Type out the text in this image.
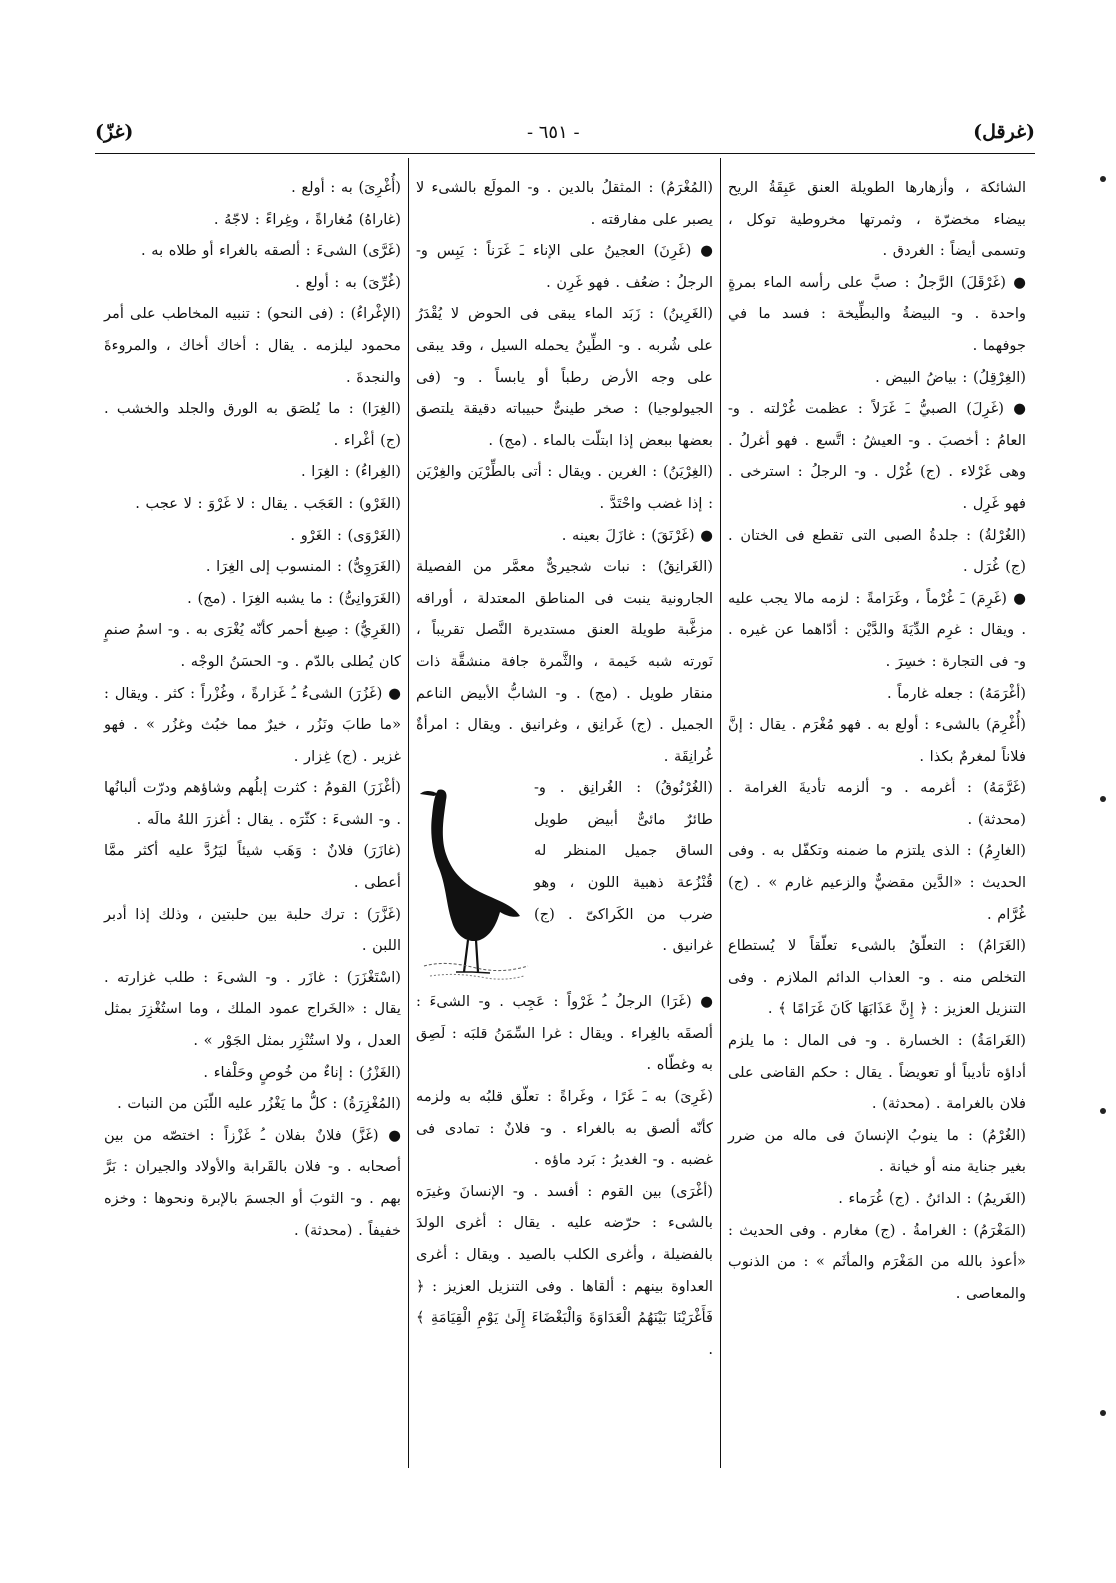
(غرقل)
- ٦٥١ -
(غزّ)

الشائكة ، وأزهارها الطويلة العنق عَبِقَةُ الريح بيضاء مخضرّة ، وثمرتها مخروطية توكل ، وتسمى أيضاً : الغردق .

● (غَرْقَلَ) الرَّجلُ : صبَّ على رأسه الماء بمرةٍ واحدة . و- البيضةُ والبطِّيخة : فسد ما في جوفهما .

(الغِرْقِلُ) : بياضُ البيض .

● (غَرِلَ) الصبيُّ ـَ غَرَلاً : عظمت غُرْلته . و- العامُ : أخصبَ . و- العيشُ : اتَّسع . فهو أغرلُ . وهى غَرْلاء . (ج) غُرْل . و- الرجلُ : استرخى . فهو غَرِل .

(الغُرْلةُ) : جلدةُ الصبى التى تقطع فى الختان . (ج) غُرَل .

● (غَرِمَ) ـَ غُرْماً ، وغَرَامةً : لزمه مالا يجب عليه . ويقال : غرِم الدِّيَةَ والدَّيْن : أدّاهما عن غيره . و- فى التجارة : خسِرَ .

(أغْرَمَهُ) : جعله غارماً .

(أُغْرِمَ) بالشىء : أولع به . فهو مُغْرَم . يقال : إنَّ فلاناً لمغرمٌ بكذا .

(غَرَّمَهُ) : أغرمه . و- ألزمه تأديةَ الغرامة . (محدثة) .

(الغارِمُ) : الذى يلتزم ما ضمنه وتكفّل به . وفى الحديث : «الدَّين مقضيٌّ والزعيم غارم » . (ج) غُرَّام .

(الغَرَامُ) : التعلّقُ بالشىء تعلّقاً لا يُستطاع التخلص منه . و- العذاب الدائم الملازم . وفى التنزيل العزيز : ﴿ إِنَّ عَذَابَهَا كَانَ غَرَامًا ﴾ .

(الغَرامَةُ) : الخسارة . و- فى المال : ما يلزم أداؤه تأديباً أو تعويضاً . يقال : حكم القاضى على فلان بالغرامة . (محدثة) .

(الغُرْمُ) : ما ينوبُ الإنسانَ فى ماله من ضرر بغير جناية منه أو خيانة .

(الغَريمُ) : الدائنُ . (ج) غُرَماء .

(المَغْرَمُ) : الغرامةُ . (ج) مغارم . وفى الحديث : «أعوذ بالله من المَغْرَم والمأثَم » : من الذنوب والمعاصى .

(المُغْرَمُ) : المثقلُ بالدين . و- المولَع بالشىء لا يصبر على مفارقته .

● (غَرِنَ) العجينُ على الإناء ـَ غَرَناً : يَبِس و- الرجلُ : ضعُف . فهو غَرِن .

(الغَرِينُ) : زَبَد الماء يبقى فى الحوض لا يُقْدَرُ على شُربه . و- الطِّينُ يحمله السيل ، وقد يبقى على وجه الأرض رطباً أو يابساً . و- (فى الجيولوجيا) : صخر طينىٌّ حبيباته دقيقة يلتصق بعضها ببعض إذا ابتلّت بالماء . (مج) .

(الغِرْيَنُ) : الغرين . ويقال : أتى بالطِّرْيَن والغِرْيَن : إذا غضب واحْتَدَّ .

● (غَرْنَقَ) : غازَلَ بعينه .

(الغَرانِقُ) : نبات شجيرىٌّ معمَّر من الفصيلة الجارونية ينبت فى المناطق المعتدلة ، أوراقه مزغَّبة طويلة العنق مستديرة النَّصل تقريباً ، نَورته شبه خَيمة ، والثَّمرة جافة منشقَّة ذات منقار طويل . (مج) . و- الشابُّ الأبيض الناعم الجميل . (ج) غَرانِق ، وغرانيق . ويقال : امرأةٌ غُرانِقَة .

(الغُرْنُوقُ) : الغُرانِق . و- طائرٌ مائىٌّ أبيض طويل الساق جميل المنظر له قُنْزُعة ذهبية اللون ، وهو ضرب من الكَراكىّ . (ج) غرانيق .

● (غَرَا) الرجلُ ـُ غَرْواً : عَجِب . و- الشىءَ : ألصقَه بالغِراء . ويقال : غرا السِّمَنُ قلبَه : لَصِق به وغطّاه .

(غَرِىَ) به ـَ غَرًا ، وغَراةً : تعلّق قلبُه به ولزمه كأنّه ألصق به بالغراء . و- فلانٌ : تمادى فى غضبه . و- الغديرُ : بَرد ماؤه .

(أغْرَى) بين القوم : أفسد . و- الإنسانَ وغيرَه بالشىء : حرّضه عليه . يقال : أغرى الولدَ بالفضيلة ، وأغرى الكلب بالصيد . ويقال : أغرى العداوة بينهم : ألقاها . وفى التنزيل العزيز : ﴿ فَأَغْرَيْنَا بَيْنَهُمُ الْعَدَاوَةَ وَالْبَغْضَاءَ إِلَىٰ يَوْمِ الْقِيَامَةِ ﴾ .

(أُغْرِىَ) به : أولع .

(غاراهُ) مُغاراةً ، وغِراءً : لاجّهُ .

(غَرَّى) الشىءَ : ألصقه بالغراء أو طلاه به .

(غُرِّىَ) به : أولع .

(الإغْراءُ) : (فى النحو) : تنبيه المخاطب على أمر محمود ليلزمه . يقال : أخاك أخاك ، والمروءةَ والنجدةَ .

(الغِرَا) : ما يُلصَق به الورق والجلد والخشب . (ج) أغْراء .

(الغِراءُ) : الغِرَا .

(الغَرْو) : العَجَب . يقال : لا غَرْوَ : لا عجب .

(الغَرْوَى) : الغَرْو .

(الغَرَوِىُّ) : المنسوب إلى الغِرَا .

(الغَرَوانِىُّ) : ما يشبه الغِرَا . (مج) .

(الغَرِيُّ) : صِبغ أحمر كأنّه يُغْرَى به . و- اسمُ صنمٍ كان يُطلى بالدّم . و- الحسَنُ الوجْه .

● (غَزُرَ) الشىءُ ـُ غَزارةً ، وغُزْراً : كثر . ويقال : «ما طابَ ونَزُر ، خيرٌ مما خبُث وغزُر » . فهو غزير . (ج) غِزار .

(أغْزَرَ) القومُ : كثرت إبلُهم وشاؤهم ودرّت ألبانُها . و- الشىءَ : كثّرَه . يقال : أغزرَ اللهُ مالَه .

(غازَرَ) فلانٌ : وَهَب شيئاً ليَرُدَّ عليه أكثر ممَّا أعطى .

(غَزَّرَ) : ترك حلبة بين حلبتين ، وذلك إذا أدبر اللبن .

(اسْتَغْزَرَ) : غازَر . و- الشىءَ : طلب غزارته . يقال : «الخَراج عمود الملك ، وما استُغْزِرَ بمثل العدل ، ولا استُنْزِر بمثل الجَوْر » .

(الغَزْرُ) : إناءٌ من خُوصٍ وحَلْفاء .

(المُغْزِرَةُ) : كلُّ ما يَغْزُر عليه اللّبَن من النبات .

● (غَزَّ) فلانٌ بفلان ـُ غَزْزاً : اختصّه من بين أصحابه . و- فلان بالقَرابة والأولاد والجيران : بَرَّ بهم . و- الثوبَ أو الجسمَ بالإبرة ونحوها : وخزه خفيفاً . (محدثة) .
